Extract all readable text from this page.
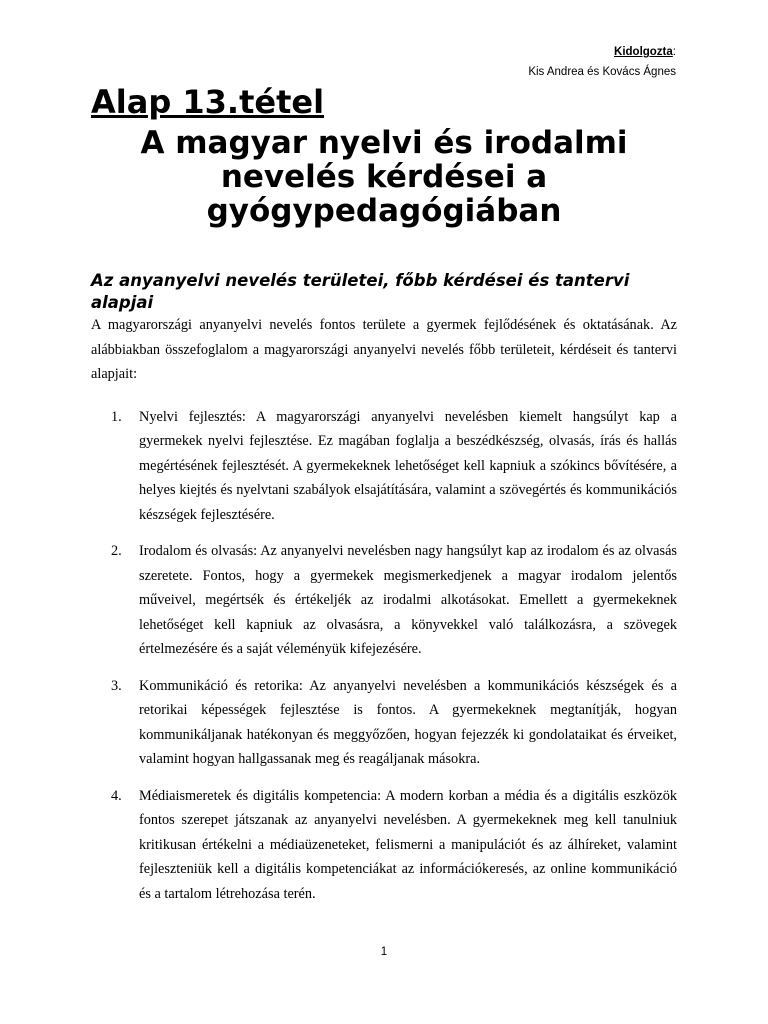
Kidolgozta:
Kis Andrea és Kovács Ágnes
Alap 13.tétel
A magyar nyelvi és irodalmi nevelés kérdései a gyógypedagógiában
Az anyanyelvi nevelés területei, főbb kérdései és tantervi alapjai

A magyarországi anyanyelvi nevelés fontos területe a gyermek fejlődésének és oktatásának. Az alábbiakban összefoglalom a magyarországi anyanyelvi nevelés főbb területeit, kérdéseit és tantervi alapjait:

1. Nyelvi fejlesztés: A magyarországi anyanyelvi nevelésben kiemelt hangsúlyt kap a gyermekek nyelvi fejlesztése. Ez magában foglalja a beszédkészség, olvasás, írás és hallás megértésének fejlesztését. A gyermekeknek lehetőséget kell kapniuk a szókincs bővítésére, a helyes kiejtés és nyelvtani szabályok elsajátítására, valamint a szövegértés és kommunikációs készségek fejlesztésére.
2. Irodalom és olvasás: Az anyanyelvi nevelésben nagy hangsúlyt kap az irodalom és az olvasás szeretete. Fontos, hogy a gyermekek megismerkedjenek a magyar irodalom jelentős műveivel, megértsék és értékeljék az irodalmi alkotásokat. Emellett a gyermekeknek lehetőséget kell kapniuk az olvasásra, a könyvekkel való találkozásra, a szövegek értelmezésére és a saját véleményük kifejezésére.
3. Kommunikáció és retorika: Az anyanyelvi nevelésben a kommunikációs készségek és a retorikai képességek fejlesztése is fontos. A gyermekeknek megtanítják, hogyan kommunikáljanak hatékonyan és meggyőzően, hogyan fejezzék ki gondolataikat és érveiket, valamint hogyan hallgassanak meg és reagáljanak másokra.
4. Médiaismeretek és digitális kompetencia: A modern korban a média és a digitális eszközök fontos szerepet játszanak az anyanyelvi nevelésben. A gyermekeknek meg kell tanulniuk kritikusan értékelni a médiaüzeneteket, felismerni a manipulációt és az álhíreket, valamint fejleszteniük kell a digitális kompetenciákat az információkeresés, az online kommunikáció és a tartalom létrehozása terén.
1
